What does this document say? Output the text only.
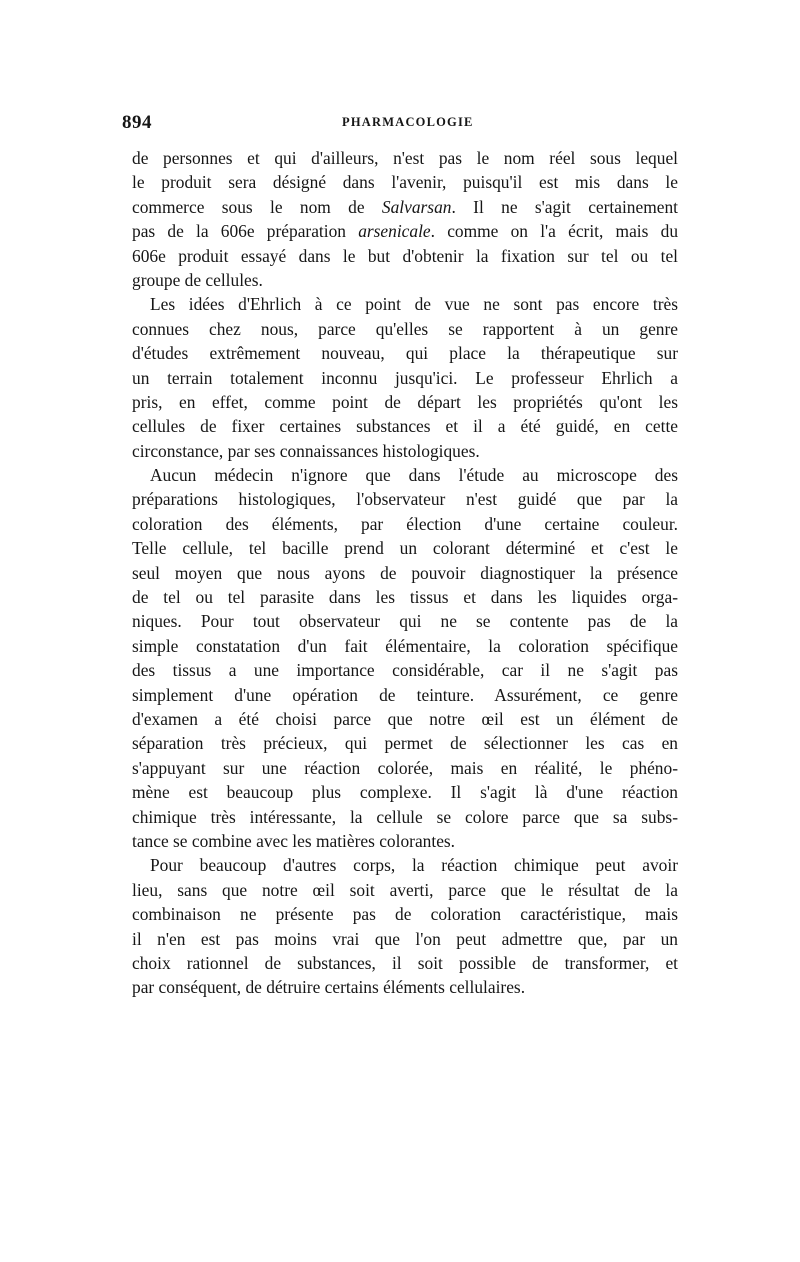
894	PHARMACOLOGIE
de personnes et qui d'ailleurs, n'est pas le nom réel sous lequel
le produit sera désigné dans l'avenir, puisqu'il est mis dans le
commerce sous le nom de Salvarsan. Il ne s'agit certainement
pas de la 606e préparation arsenicale. comme on l'a écrit, mais du
606e produit essayé dans le but d'obtenir la fixation sur tel ou tel
groupe de cellules.
Les idées d'Ehrlich à ce point de vue ne sont pas encore très
connues chez nous, parce qu'elles se rapportent à un genre
d'études extrêmement nouveau, qui place la thérapeutique sur
un terrain totalement inconnu jusqu'ici. Le professeur Ehrlich a
pris, en effet, comme point de départ les propriétés qu'ont les
cellules de fixer certaines substances et il a été guidé, en cette
circonstance, par ses connaissances histologiques.
Aucun médecin n'ignore que dans l'étude au microscope des
préparations histologiques, l'observateur n'est guidé que par la
coloration des éléments, par élection d'une certaine couleur.
Telle cellule, tel bacille prend un colorant déterminé et c'est le
seul moyen que nous ayons de pouvoir diagnostiquer la présence
de tel ou tel parasite dans les tissus et dans les liquides orga-
niques. Pour tout observateur qui ne se contente pas de la
simple constatation d'un fait élémentaire, la coloration spécifique
des tissus a une importance considérable, car il ne s'agit pas
simplement d'une opération de teinture. Assurément, ce genre
d'examen a été choisi parce que notre œil est un élément de
séparation très précieux, qui permet de sélectionner les cas en
s'appuyant sur une réaction colorée, mais en réalité, le phéno-
mène est beaucoup plus complexe. Il s'agit là d'une réaction
chimique très intéressante, la cellule se colore parce que sa subs-
tance se combine avec les matières colorantes.
Pour beaucoup d'autres corps, la réaction chimique peut avoir
lieu, sans que notre œil soit averti, parce que le résultat de la
combinaison ne présente pas de coloration caractéristique, mais
il n'en est pas moins vrai que l'on peut admettre que, par un
choix rationnel de substances, il soit possible de transformer, et
par conséquent, de détruire certains éléments cellulaires.
